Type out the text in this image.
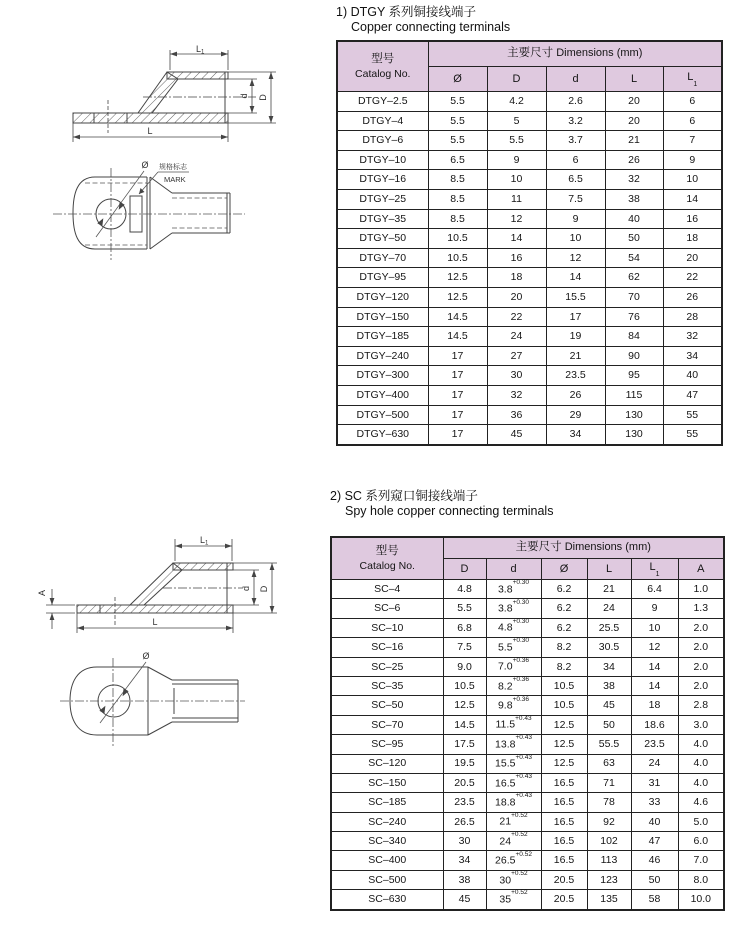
1) DTGY 系列铜接线端子
Copper connecting terminals
型号
Catalog No.	主要尺寸 Dimensions (mm)				
	Ø	D	d	L	$L_1$
DTGY–2.5	5.5	4.2	2.6	20	6
DTGY–4	5.5	5	3.2	20	6
DTGY–6	5.5	5.5	3.7	21	7
DTGY–10	6.5	9	6	26	9
DTGY–16	8.5	10	6.5	32	10
DTGY–25	8.5	11	7.5	38	14
DTGY–35	8.5	12	9	40	16
DTGY–50	10.5	14	10	50	18
DTGY–70	10.5	16	12	54	20
DTGY–95	12.5	18	14	62	22
DTGY–120	12.5	20	15.5	70	26
DTGY–150	14.5	22	17	76	28
DTGY–185	14.5	24	19	84	32
DTGY–240	17	27	21	90	34
DTGY–300	17	30	23.5	95	40
DTGY–400	17	32	26	115	47
DTGY–500	17	36	29	130	55
DTGY–630	17	45	34	130	55
2) SC 系列窥口铜接线端子
Spy hole copper connecting terminals
型号
Catalog No.	主要尺寸 Dimensions (mm)					
	D	d	Ø	L	$L_1$	A
SC–4	4.8	$3.8^{+0.30}$	6.2	21	6.4	1.0
SC–6	5.5	$3.8^{+0.30}$	6.2	24	9	1.3
SC–10	6.8	$4.8^{+0.30}$	6.2	25.5	10	2.0
SC–16	7.5	$5.5^{+0.30}$	8.2	30.5	12	2.0
SC–25	9.0	$7.0^{+0.36}$	8.2	34	14	2.0
SC–35	10.5	$8.2^{+0.36}$	10.5	38	14	2.0
SC–50	12.5	$9.8^{+0.36}$	10.5	45	18	2.8
SC–70	14.5	$11.5^{+0.43}$	12.5	50	18.6	3.0
SC–95	17.5	$13.8^{+0.43}$	12.5	55.5	23.5	4.0
SC–120	19.5	$15.5^{+0.43}$	12.5	63	24	4.0
SC–150	20.5	$16.5^{+0.43}$	16.5	71	31	4.0
SC–185	23.5	$18.8^{+0.43}$	16.5	78	33	4.6
SC–240	26.5	$21^{+0.52}$	16.5	92	40	5.0
SC–340	30	$24^{+0.52}$	16.5	102	47	6.0
SC–400	34	$26.5^{+0.52}$	16.5	113	46	7.0
SC–500	38	$30^{+0.52}$	20.5	123	50	8.0
SC–630	45	$35^{+0.52}$	20.5	135	58	10.0
L1
d D
L
Ø 规格标志
MARK
L1
A
d D
L
Ø
